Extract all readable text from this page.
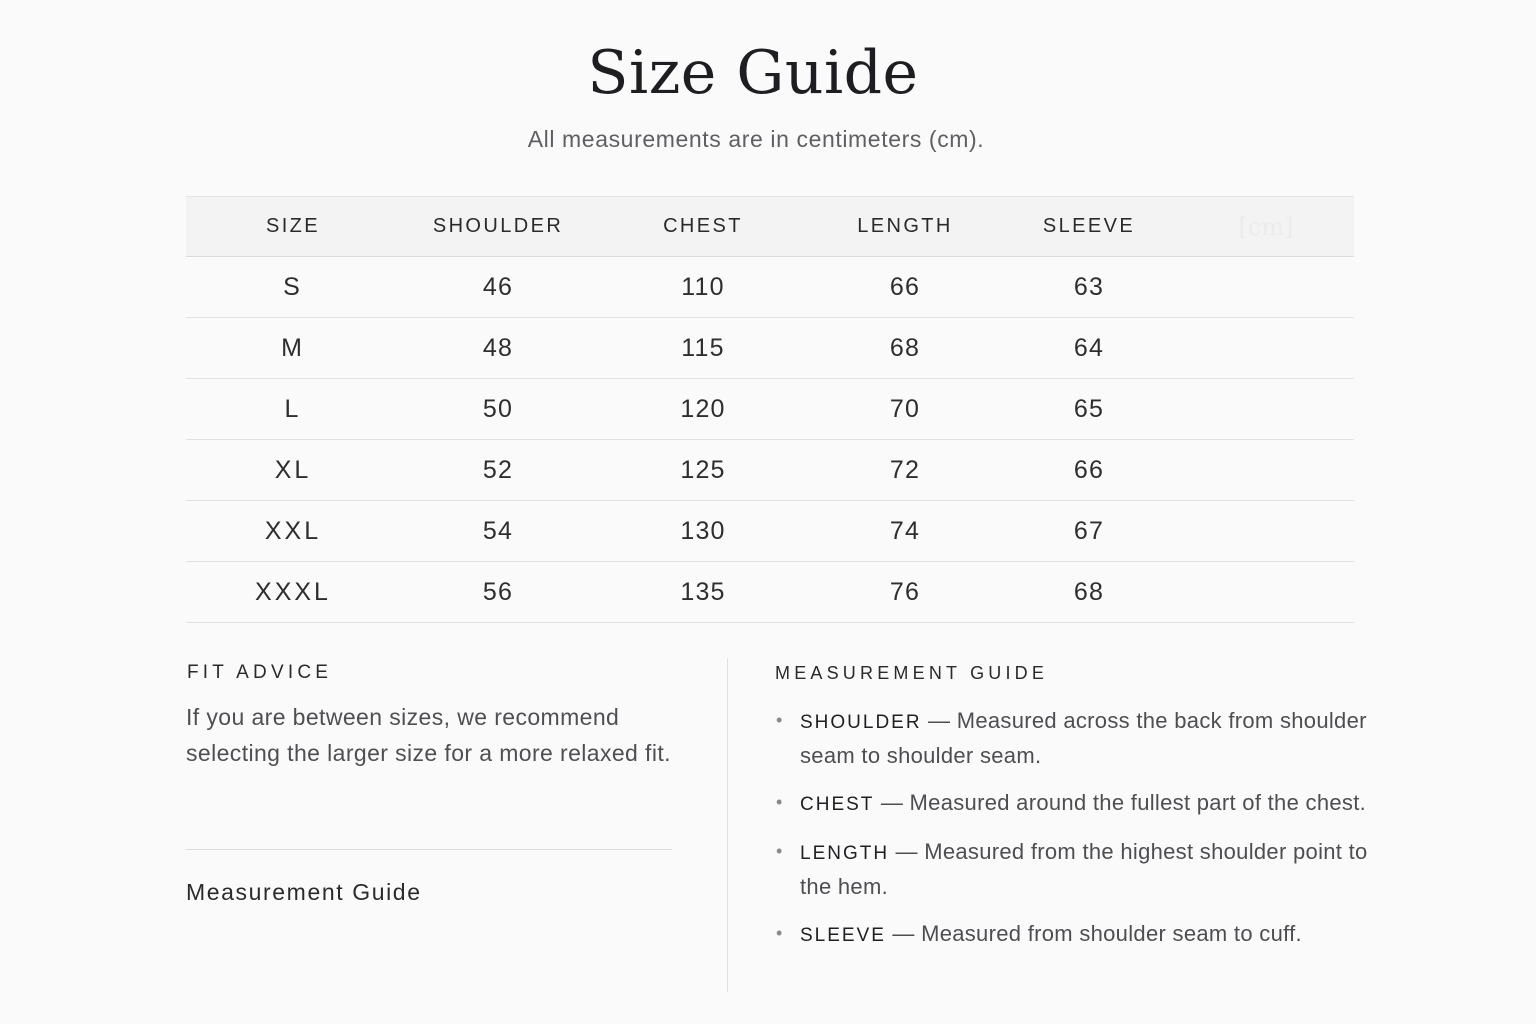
Size Guide
All measurements are in centimeters (cm).
SIZE	SHOULDER	CHEST	LENGTH	SLEEVE	[cm]
S	46	110	66	63	
M	48	115	68	64	
L	50	120	70	65	
XL	52	125	72	66	
XXL	54	130	74	67	
XXXL	56	135	76	68	
FIT ADVICE
If you are between sizes, we recommend selecting the larger size for a more relaxed fit.
Measurement Guide
MEASUREMENT GUIDE
• SHOULDER — Measured across the back from shoulder seam to shoulder seam.
• CHEST — Measured around the fullest part of the chest.
• LENGTH — Measured from the highest shoulder point to the hem.
• SLEEVE — Measured from shoulder seam to cuff.
